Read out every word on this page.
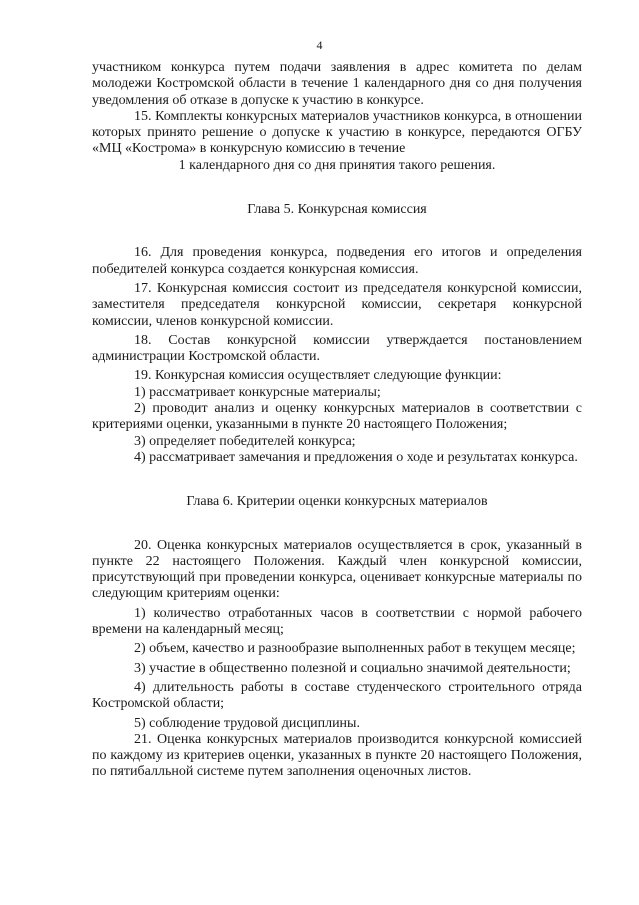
4

участником конкурса путем подачи заявления в адрес комитета по делам молодежи Костромской области в течение 1 календарного дня со дня получения уведомления об отказе в допуске к участию в конкурсе.

15. Комплекты конкурсных материалов участников конкурса, в отношении которых принято решение о допуске к участию в конкурсе, передаются ОГБУ «МЦ «Кострома» в конкурсную комиссию в течение

1 календарного дня со дня принятия такого решения.

Глава 5. Конкурсная комиссия

16. Для проведения конкурса, подведения его итогов и определения победителей конкурса создается конкурсная комиссия.

17. Конкурсная комиссия состоит из председателя конкурсной комиссии, заместителя председателя конкурсной комиссии, секретаря конкурсной комиссии, членов конкурсной комиссии.

18. Состав конкурсной комиссии утверждается постановлением администрации Костромской области.

19. Конкурсная комиссия осуществляет следующие функции:

1) рассматривает конкурсные материалы;

2) проводит анализ и оценку конкурсных материалов в соответствии с критериями оценки, указанными в пункте 20 настоящего Положения;

3) определяет победителей конкурса;

4) рассматривает замечания и предложения о ходе и результатах конкурса.

Глава 6. Критерии оценки конкурсных материалов

20. Оценка конкурсных материалов осуществляется в срок, указанный в пункте 22 настоящего Положения. Каждый член конкурсной комиссии, присутствующий при проведении конкурса, оценивает конкурсные материалы по следующим критериям оценки:

1) количество отработанных часов в соответствии с нормой рабочего времени на календарный месяц;

2) объем, качество и разнообразие выполненных работ в текущем месяце;

3) участие в общественно полезной и социально значимой деятельности;

4) длительность работы в составе студенческого строительного отряда Костромской области;

5) соблюдение трудовой дисциплины.

21. Оценка конкурсных материалов производится конкурсной комиссией по каждому из критериев оценки, указанных в пункте 20 настоящего Положения, по пятибалльной системе путем заполнения оценочных листов.
